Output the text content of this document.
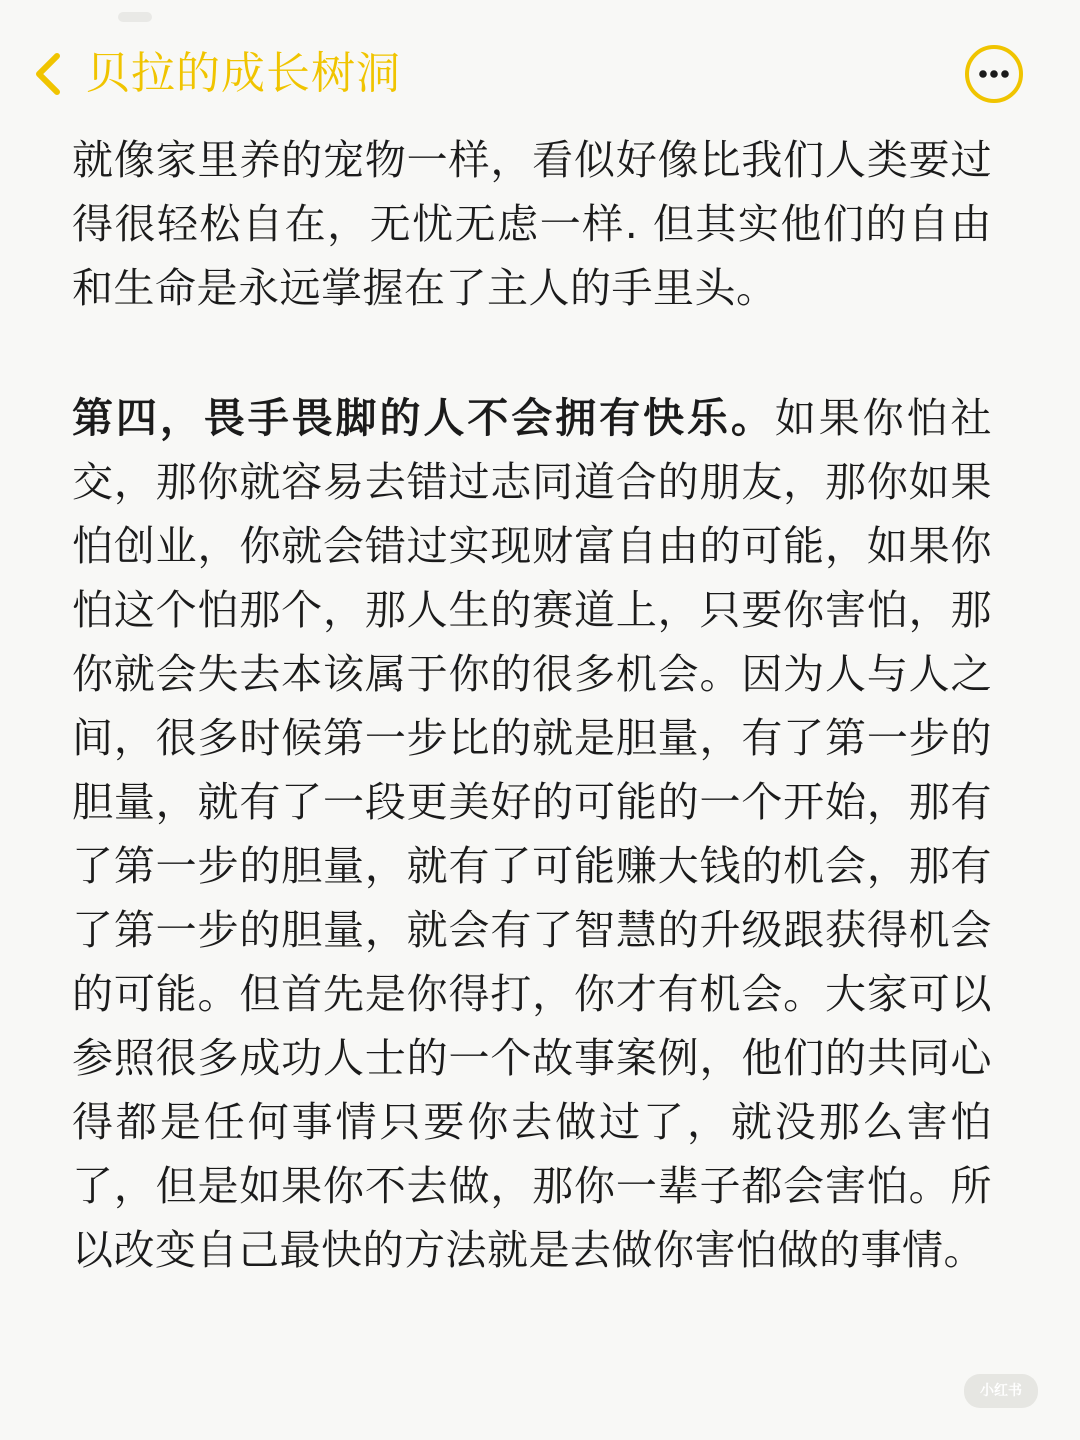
贝拉的成长树洞

就像家里养的宠物一样，看似好像比我们人类要过得很轻松自在，无忧无虑一样. 但其实他们的自由和生命是永远掌握在了主人的手里头。

第四，畏手畏脚的人不会拥有快乐。如果你怕社交，那你就容易去错过志同道合的朋友，那你如果怕创业，你就会错过实现财富自由的可能，如果你怕这个怕那个，那人生的赛道上，只要你害怕，那你就会失去本该属于你的很多机会。因为人与人之间，很多时候第一步比的就是胆量，有了第一步的胆量，就有了一段更美好的可能的一个开始，那有了第一步的胆量，就有了可能赚大钱的机会，那有了第一步的胆量，就会有了智慧的升级跟获得机会的可能。但首先是你得打，你才有机会。大家可以参照很多成功人士的一个故事案例，他们的共同心得都是任何事情只要你去做过了，就没那么害怕了，但是如果你不去做，那你一辈子都会害怕。所以改变自己最快的方法就是去做你害怕做的事情。

小红书
